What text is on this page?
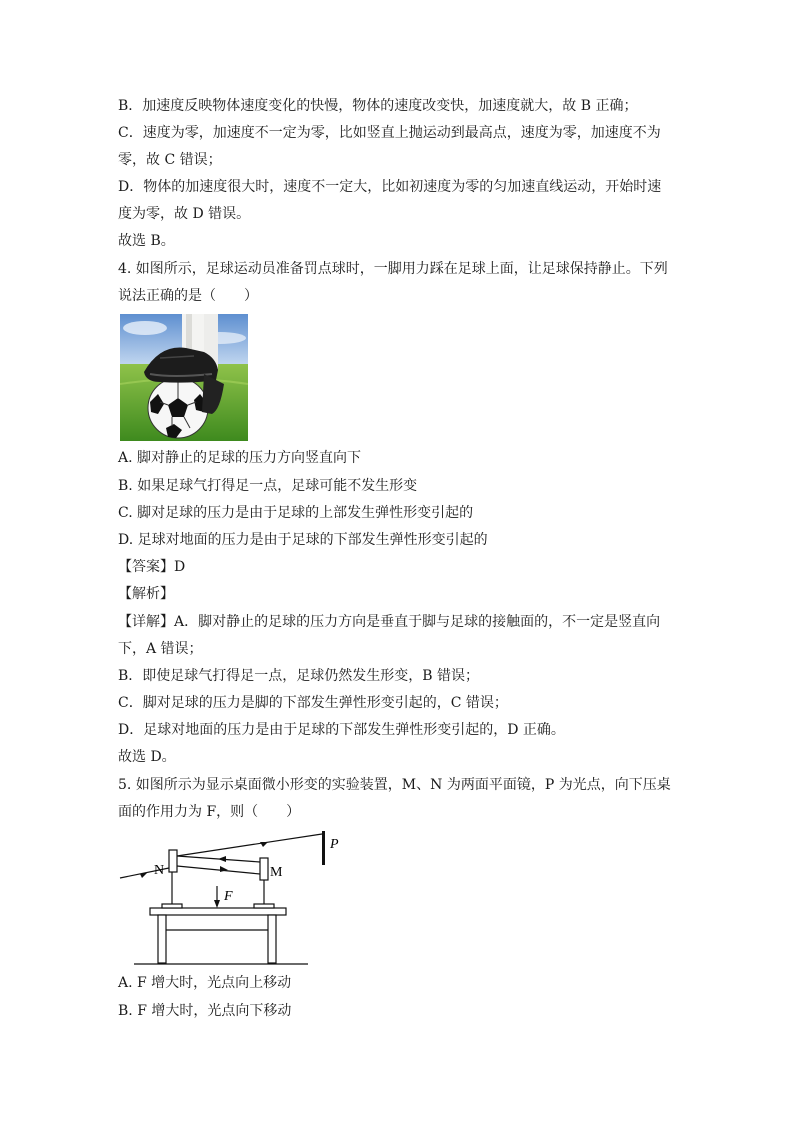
B．加速度反映物体速度变化的快慢，物体的速度改变快，加速度就大，故 B 正确；
C．速度为零，加速度不一定为零，比如竖直上抛运动到最高点，速度为零，加速度不为
零，故 C 错误；
D．物体的加速度很大时，速度不一定大，比如初速度为零的匀加速直线运动，开始时速
度为零，故 D 错误。
故选 B。
4. 如图所示，足球运动员准备罚点球时，一脚用力踩在足球上面，让足球保持静止。下列
说法正确的是（　　）
A. 脚对静止的足球的压力方向竖直向下
B. 如果足球气打得足一点，足球可能不发生形变
C. 脚对足球的压力是由于足球的上部发生弹性形变引起的
D. 足球对地面的压力是由于足球的下部发生弹性形变引起的
【答案】D
【解析】
【详解】A．脚对静止的足球的压力方向是垂直于脚与足球的接触面的，不一定是竖直向
下，A 错误；
B．即使足球气打得足一点，足球仍然发生形变，B 错误；
C．脚对足球的压力是脚的下部发生弹性形变引起的，C 错误；
D．足球对地面的压力是由于足球的下部发生弹性形变引起的，D 正确。
故选 D。
5. 如图所示为显示桌面微小形变的实验装置，M、N 为两面平面镜，P 为光点，向下压桌
面的作用力为 F，则（　　）
P
N	M
F
A. F 增大时，光点向上移动
B. F 增大时，光点向下移动
